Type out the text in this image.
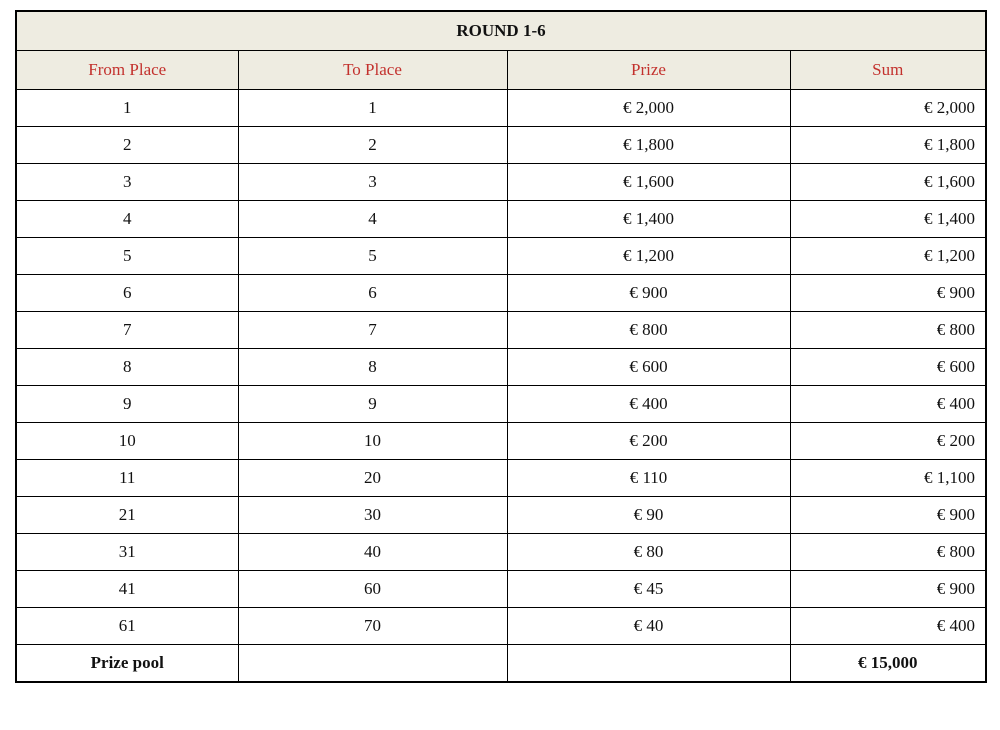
ROUND 1-6			
From Place	To Place	Prize	Sum
1	1	€ 2,000	€ 2,000
2	2	€ 1,800	€ 1,800
3	3	€ 1,600	€ 1,600
4	4	€ 1,400	€ 1,400
5	5	€ 1,200	€ 1,200
6	6	€ 900	€ 900
7	7	€ 800	€ 800
8	8	€ 600	€ 600
9	9	€ 400	€ 400
10	10	€ 200	€ 200
11	20	€ 110	€ 1,100
21	30	€ 90	€ 900
31	40	€ 80	€ 800
41	60	€ 45	€ 900
61	70	€ 40	€ 400
Prize pool			€ 15,000
